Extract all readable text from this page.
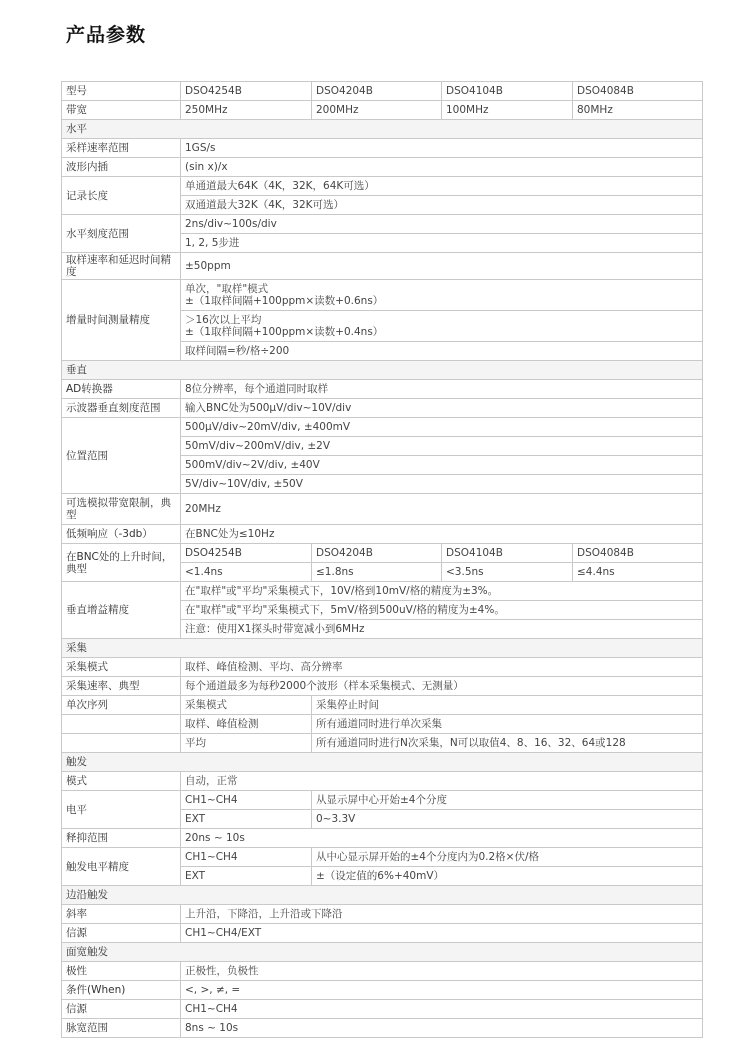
产品参数
型号	DSO4254B	DSO4204B	DSO4104B	DSO4084B
带宽	250MHz	200MHz	100MHz	80MHz
水平				
采样速率范围	1GS/s			
波形内插	(sin x)/x			
记录长度	单通道最大64K（4K，32K，64K可选）			
	双通道最大32K（4K，32K可选）			
水平刻度范围	2ns/div~100s/div			
	1, 2, 5步进			
取样速率和延迟时间精度	±50ppm			
增量时间测量精度	单次，"取样"模式
±（1取样间隔+100ppm×读数+0.6ns）			

	＞16次以上平均
±（1取样间隔+100ppm×读数+0.4ns）			

	取样间隔=秒/格÷200			
垂直				
AD转换器	8位分辨率，每个通道同时取样			
示波器垂直刻度范围	输入BNC处为500μV/div~10V/div			
位置范围	500μV/div~20mV/div, ±400mV			
	50mV/div~200mV/div, ±2V			
	500mV/div~2V/div, ±40V			
	5V/div~10V/div, ±50V			
可选模拟带宽限制，典型	20MHz			
低频响应（-3db）	在BNC处为≤10Hz			
在BNC处的上升时间，典型	DSO4254B	DSO4204B	DSO4104B	DSO4084B
	<1.4ns	≤1.8ns	<3.5ns	≤4.4ns
垂直增益精度	在"取样"或"平均"采集模式下，10V/格到10mV/格的精度为±3%。			
	在"取样"或"平均"采集模式下，5mV/格到500uV/格的精度为±4%。			
	注意：使用X1探头时带宽减小到6MHz			
采集				
采集模式	取样、峰值检测、平均、高分辨率			
采集速率、典型	每个通道最多为每秒2000个波形（样本采集模式、无测量）			
单次序列	采集模式	采集停止时间		
	取样、峰值检测	所有通道同时进行单次采集		
	平均	所有通道同时进行N次采集，N可以取值4、8、16、32、64或128		
触发				
模式	自动，正常			
电平	CH1~CH4	从显示屏中心开始±4个分度		
	EXT	0~3.3V		
释抑范围	20ns ~ 10s			
触发电平精度	CH1~CH4	从中心显示屏开始的±4个分度内为0.2格×伏/格		
	EXT	±（设定值的6%+40mV）		
边沿触发				
斜率	上升沿，下降沿，上升沿或下降沿			
信源	CH1~CH4/EXT			
面宽触发				
极性	正极性，负极性			
条件(When)	<, >, ≠, =			
信源	CH1~CH4			
脉宽范围	8ns ~ 10s			
